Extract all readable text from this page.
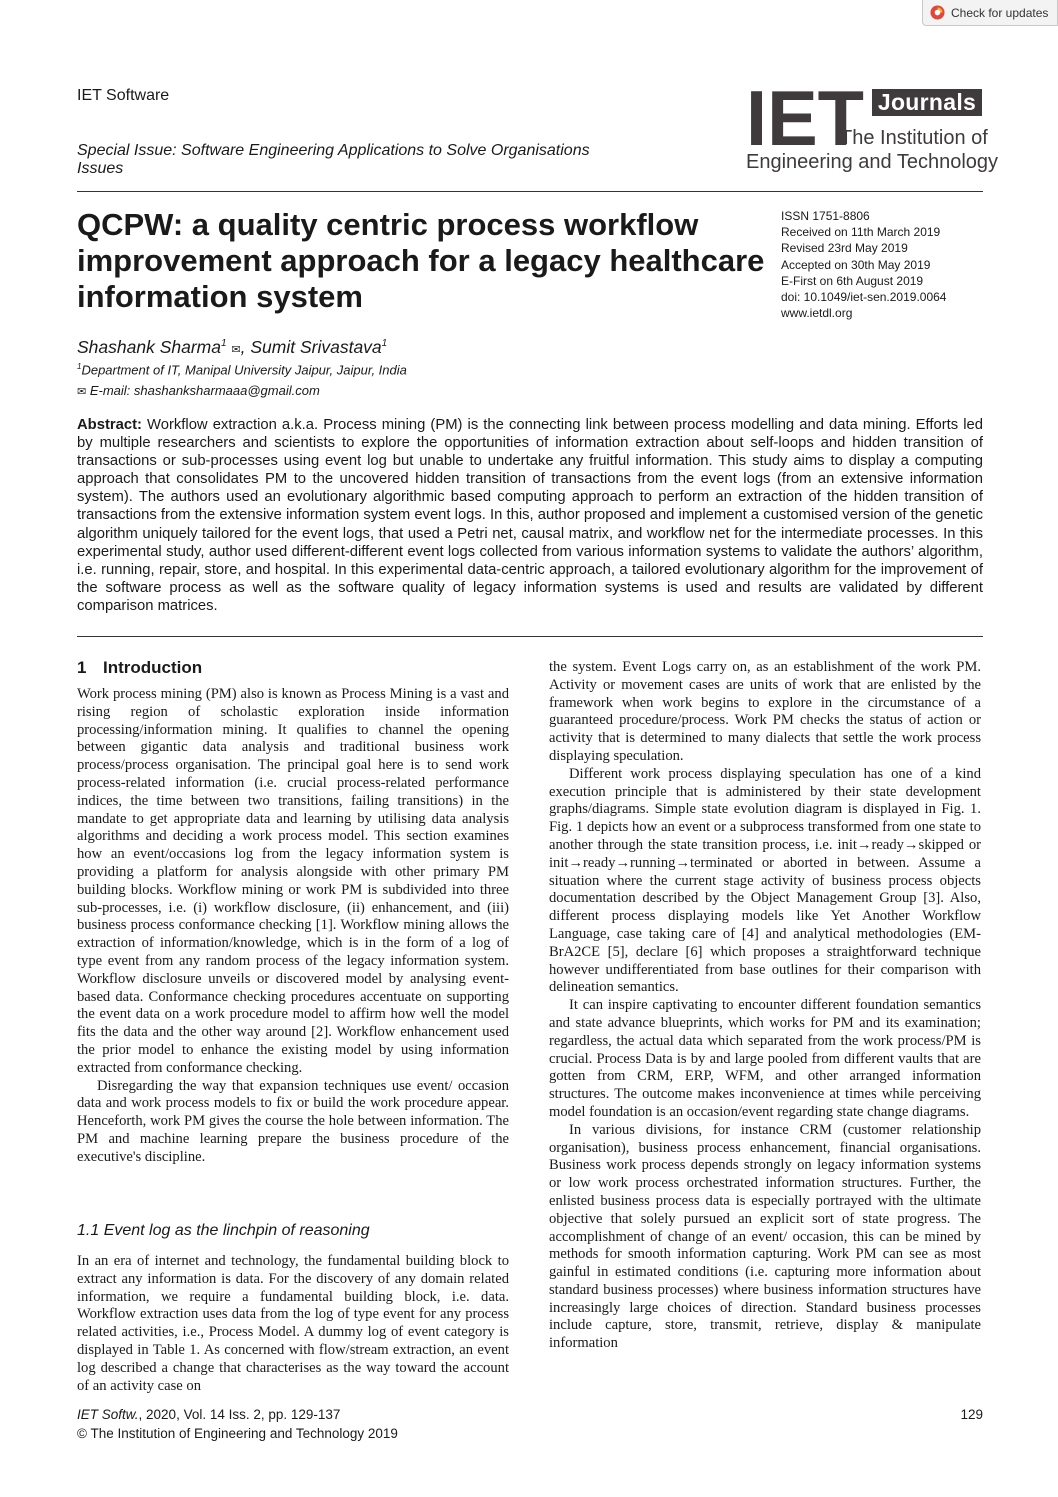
Check for updates
IET Software
Special Issue: Software Engineering Applications to Solve Organisations Issues
IET Journals
The Institution of
Engineering and Technology
QCPW: a quality centric process workflow improvement approach for a legacy healthcare information system
ISSN 1751-8806
Received on 11th March 2019
Revised 23rd May 2019
Accepted on 30th May 2019
E-First on 6th August 2019
doi: 10.1049/iet-sen.2019.0064
www.ietdl.org
Shashank Sharma$^1$ ✉, Sumit Srivastava$^1$
$^1$Department of IT, Manipal University Jaipur, Jaipur, India
✉ E-mail: shashanksharmaaa@gmail.com
Abstract: Workflow extraction a.k.a. Process mining (PM) is the connecting link between process modelling and data mining. Efforts led by multiple researchers and scientists to explore the opportunities of information extraction about self-loops and hidden transition of transactions or sub-processes using event log but unable to undertake any fruitful information. This study aims to display a computing approach that consolidates PM to the uncovered hidden transition of transactions from the event logs (from an extensive information system). The authors used an evolutionary algorithmic based computing approach to perform an extraction of the hidden transition of transactions from the extensive information system event logs. In this, author proposed and implement a customised version of the genetic algorithm uniquely tailored for the event logs, that used a Petri net, causal matrix, and workflow net for the intermediate processes. In this experimental study, author used different-different event logs collected from various information systems to validate the authors’ algorithm, i.e. running, repair, store, and hospital. In this experimental data-centric approach, a tailored evolutionary algorithm for the improvement of the software process as well as the software quality of legacy information systems is used and results are validated by different comparison matrices.
1 Introduction

Work process mining (PM) also is known as Process Mining is a vast and rising region of scholastic exploration inside information processing/information mining. It qualifies to channel the opening between gigantic data analysis and traditional business work process/process organisation. The principal goal here is to send work process-related information (i.e. crucial process-related performance indices, the time between two transitions, failing transitions) in the mandate to get appropriate data and learning by utilising data analysis algorithms and deciding a work process model. This section examines how an event/occasions log from the legacy information system is providing a platform for analysis alongside with other primary PM building blocks. Workflow mining or work PM is subdivided into three sub-processes, i.e. (i) workflow disclosure, (ii) enhancement, and (iii) business process conformance checking [1]. Workflow mining allows the extraction of information/knowledge, which is in the form of a log of type event from any random process of the legacy information system. Workflow disclosure unveils or discovered model by analysing event-based data. Conformance checking procedures accentuate on supporting the event data on a work procedure model to affirm how well the model fits the data and the other way around [2]. Workflow enhancement used the prior model to enhance the existing model by using information extracted from conformance checking.

Disregarding the way that expansion techniques use event/ occasion data and work process models to fix or build the work procedure appear. Henceforth, work PM gives the course the hole between information. The PM and machine learning prepare the business procedure of the executive's discipline.

1.1 Event log as the linchpin of reasoning

In an era of internet and technology, the fundamental building block to extract any information is data. For the discovery of any domain related information, we require a fundamental building block, i.e. data. Workflow extraction uses data from the log of type event for any process related activities, i.e., Process Model. A dummy log of event category is displayed in Table 1. As concerned with flow/stream extraction, an event log described a change that characterises as the way toward the account of an activity case on

the system. Event Logs carry on, as an establishment of the work PM. Activity or movement cases are units of work that are enlisted by the framework when work begins to explore in the circumstance of a guaranteed procedure/process. Work PM checks the status of action or activity that is determined to many dialects that settle the work process displaying speculation.

Different work process displaying speculation has one of a kind execution principle that is administered by their state development graphs/diagrams. Simple state evolution diagram is displayed in Fig. 1. Fig. 1 depicts how an event or a subprocess transformed from one state to another through the state transition process, i.e. init→ready→skipped or init→ready→running→terminated or aborted in between. Assume a situation where the current stage activity of business process objects documentation described by the Object Management Group [3]. Also, different process displaying models like Yet Another Workflow Language, case taking care of [4] and analytical methodologies (EM-BrA2CE [5], declare [6] which proposes a straightforward technique however undifferentiated from base outlines for their comparison with delineation semantics.

It can inspire captivating to encounter different foundation semantics and state advance blueprints, which works for PM and its examination; regardless, the actual data which separated from the work process/PM is crucial. Process Data is by and large pooled from different vaults that are gotten from CRM, ERP, WFM, and other arranged information structures. The outcome makes inconvenience at times while perceiving model foundation is an occasion/event regarding state change diagrams.

In various divisions, for instance CRM (customer relationship organisation), business process enhancement, financial organisations. Business work process depends strongly on legacy information systems or low work process orchestrated information structures. Further, the enlisted business process data is especially portrayed with the ultimate objective that solely pursued an explicit sort of state progress. The accomplishment of change of an event/ occasion, this can be mined by methods for smooth information capturing. Work PM can see as most gainful in estimated conditions (i.e. capturing more information about standard business processes) where business information structures have increasingly large choices of direction. Standard business processes include capture, store, transmit, retrieve, display & manipulate information

IET Softw., 2020, Vol. 14 Iss. 2, pp. 129-137
© The Institution of Engineering and Technology 2019
129
